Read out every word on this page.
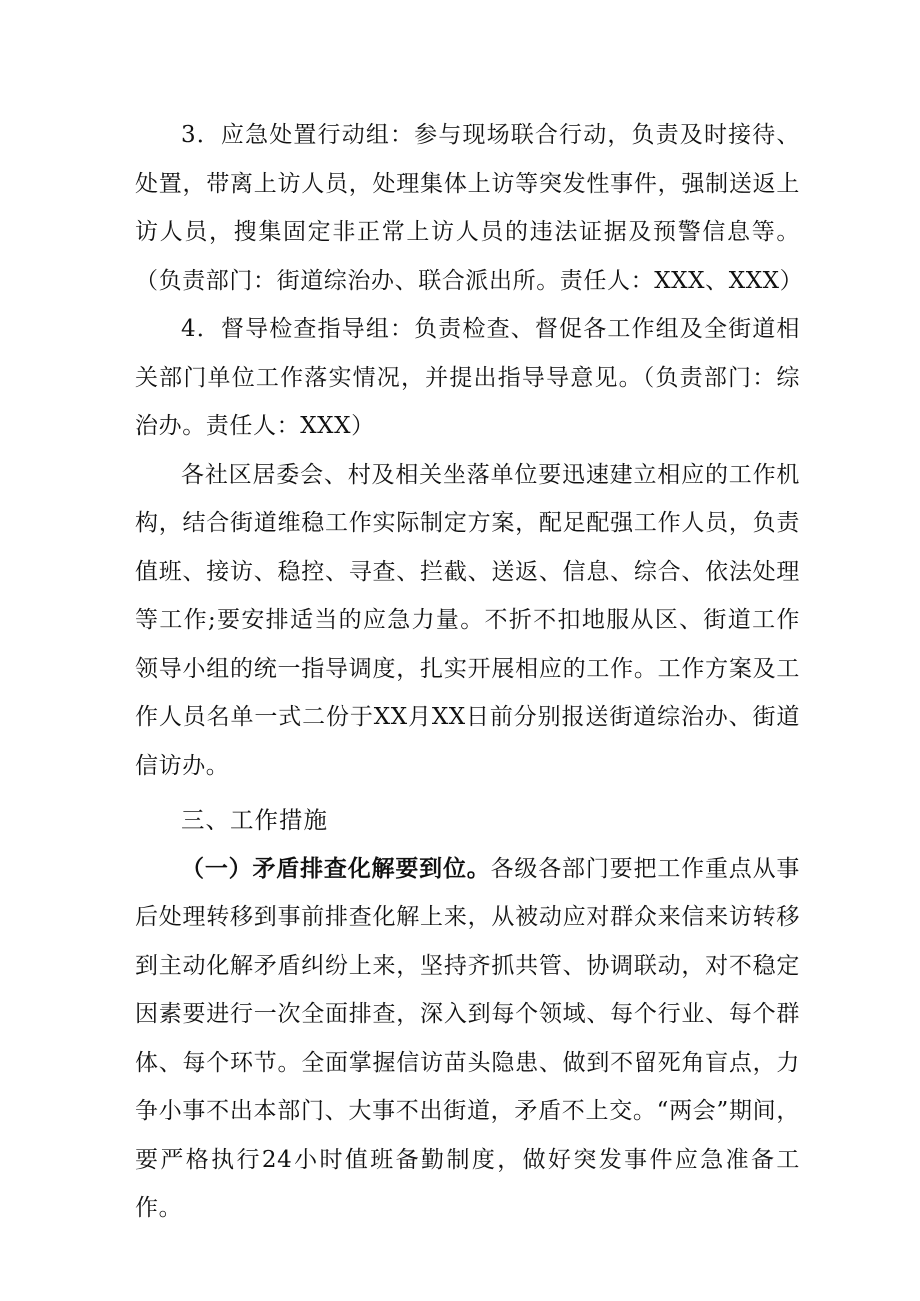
3．应急处置行动组：参与现场联合行动，负责及时接待、处置，带离上访人员，处理集体上访等突发性事件，强制送返上访人员，搜集固定非正常上访人员的违法证据及预警信息等。（负责部门：街道综治办、联合派出所。责任人：XXX、XXX）

4．督导检查指导组：负责检查、督促各工作组及全街道相关部门单位工作落实情况，并提出指导导意见。（负责部门：综治办。责任人：XXX）

各社区居委会、村及相关坐落单位要迅速建立相应的工作机构，结合街道维稳工作实际制定方案，配足配强工作人员，负责值班、接访、稳控、寻查、拦截、送返、信息、综合、依法处理等工作;要安排适当的应急力量。不折不扣地服从区、街道工作领导小组的统一指导调度，扎实开展相应的工作。工作方案及工作人员名单一式二份于XX月XX日前分别报送街道综治办、街道信访办。

三、工作措施

（一）矛盾排查化解要到位。各级各部门要把工作重点从事后处理转移到事前排查化解上来，从被动应对群众来信来访转移到主动化解矛盾纠纷上来，坚持齐抓共管、协调联动，对不稳定因素要进行一次全面排查，深入到每个领域、每个行业、每个群体、每个环节。全面掌握信访苗头隐患、做到不留死角盲点，力争小事不出本部门、大事不出街道，矛盾不上交。“两会”期间，要严格执行24小时值班备勤制度，做好突发事件应急准备工作。
